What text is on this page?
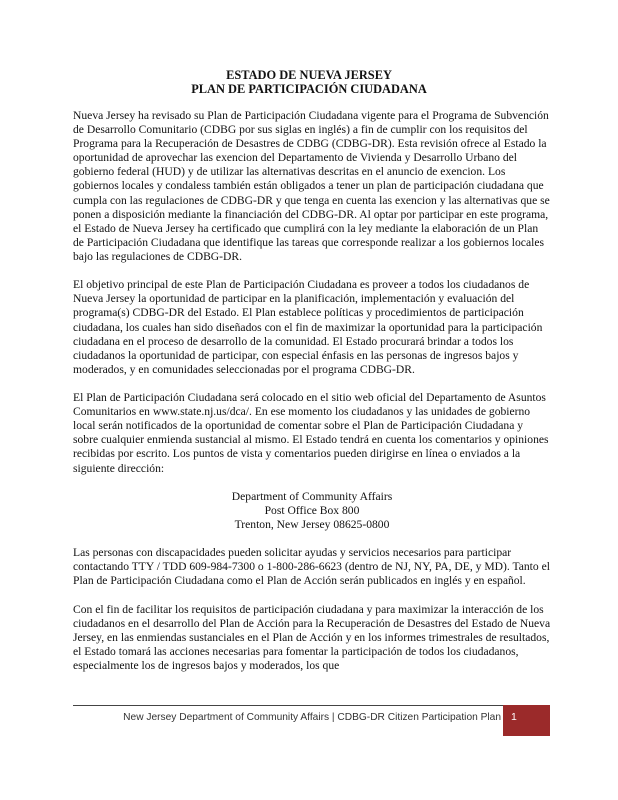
ESTADO DE NUEVA JERSEY
PLAN DE PARTICIPACIÓN CIUDADANA

Nueva Jersey ha revisado su Plan de Participación Ciudadana vigente para el Programa de Subvención de Desarrollo Comunitario (CDBG por sus siglas en inglés) a fin de cumplir con los requisitos del Programa para la Recuperación de Desastres de CDBG (CDBG-DR). Esta revisión ofrece al Estado la oportunidad de aprovechar las exencion del Departamento de Vivienda y Desarrollo Urbano del gobierno federal (HUD) y de utilizar las alternativas descritas en el anuncio de exencion. Los gobiernos locales y condaless también están obligados a tener un plan de participación ciudadana que cumpla con las regulaciones de CDBG-DR y que tenga en cuenta las exencion y las alternativas que se ponen a disposición mediante la financiación del CDBG-DR. Al optar por participar en este programa, el Estado de Nueva Jersey ha certificado que cumplirá con la ley mediante la elaboración de un Plan de Participación Ciudadana que identifique las tareas que corresponde realizar a los gobiernos locales bajo las regulaciones de CDBG-DR.

El objetivo principal de este Plan de Participación Ciudadana es proveer a todos los ciudadanos de Nueva Jersey la oportunidad de participar en la planificación, implementación y evaluación del programa(s) CDBG-DR del Estado. El Plan establece políticas y procedimientos de participación ciudadana, los cuales han sido diseñados con el fin de maximizar la oportunidad para la participación ciudadana en el proceso de desarrollo de la comunidad. El Estado procurará brindar a todos los ciudadanos la oportunidad de participar, con especial énfasis en las personas de ingresos bajos y moderados, y en comunidades seleccionadas por el programa CDBG-DR.

El Plan de Participación Ciudadana será colocado en el sitio web oficial del Departamento de Asuntos Comunitarios en www.state.nj.us/dca/. En ese momento los ciudadanos y las unidades de gobierno local serán notificados de la oportunidad de comentar sobre el Plan de Participación Ciudadana y sobre cualquier enmienda sustancial al mismo. El Estado tendrá en cuenta los comentarios y opiniones recibidas por escrito. Los puntos de vista y comentarios pueden dirigirse en línea o enviados a la siguiente dirección:

Department of Community Affairs
Post Office Box 800
Trenton, New Jersey 08625-0800

Las personas con discapacidades pueden solicitar ayudas y servicios necesarios para participar contactando TTY / TDD 609-984-7300 o 1-800-286-6623 (dentro de NJ, NY, PA, DE, y MD). Tanto el Plan de Participación Ciudadana como el Plan de Acción serán publicados en inglés y en español.

Con el fin de facilitar los requisitos de participación ciudadana y para maximizar la interacción de los ciudadanos en el desarrollo del Plan de Acción para la Recuperación de Desastres del Estado de Nueva Jersey, en las enmiendas sustanciales en el Plan de Acción y en los informes trimestrales de resultados, el Estado tomará las acciones necesarias para fomentar la participación de todos los ciudadanos, especialmente los de ingresos bajos y moderados, los que

New Jersey Department of Community Affairs | CDBG-DR Citizen Participation Plan 1
